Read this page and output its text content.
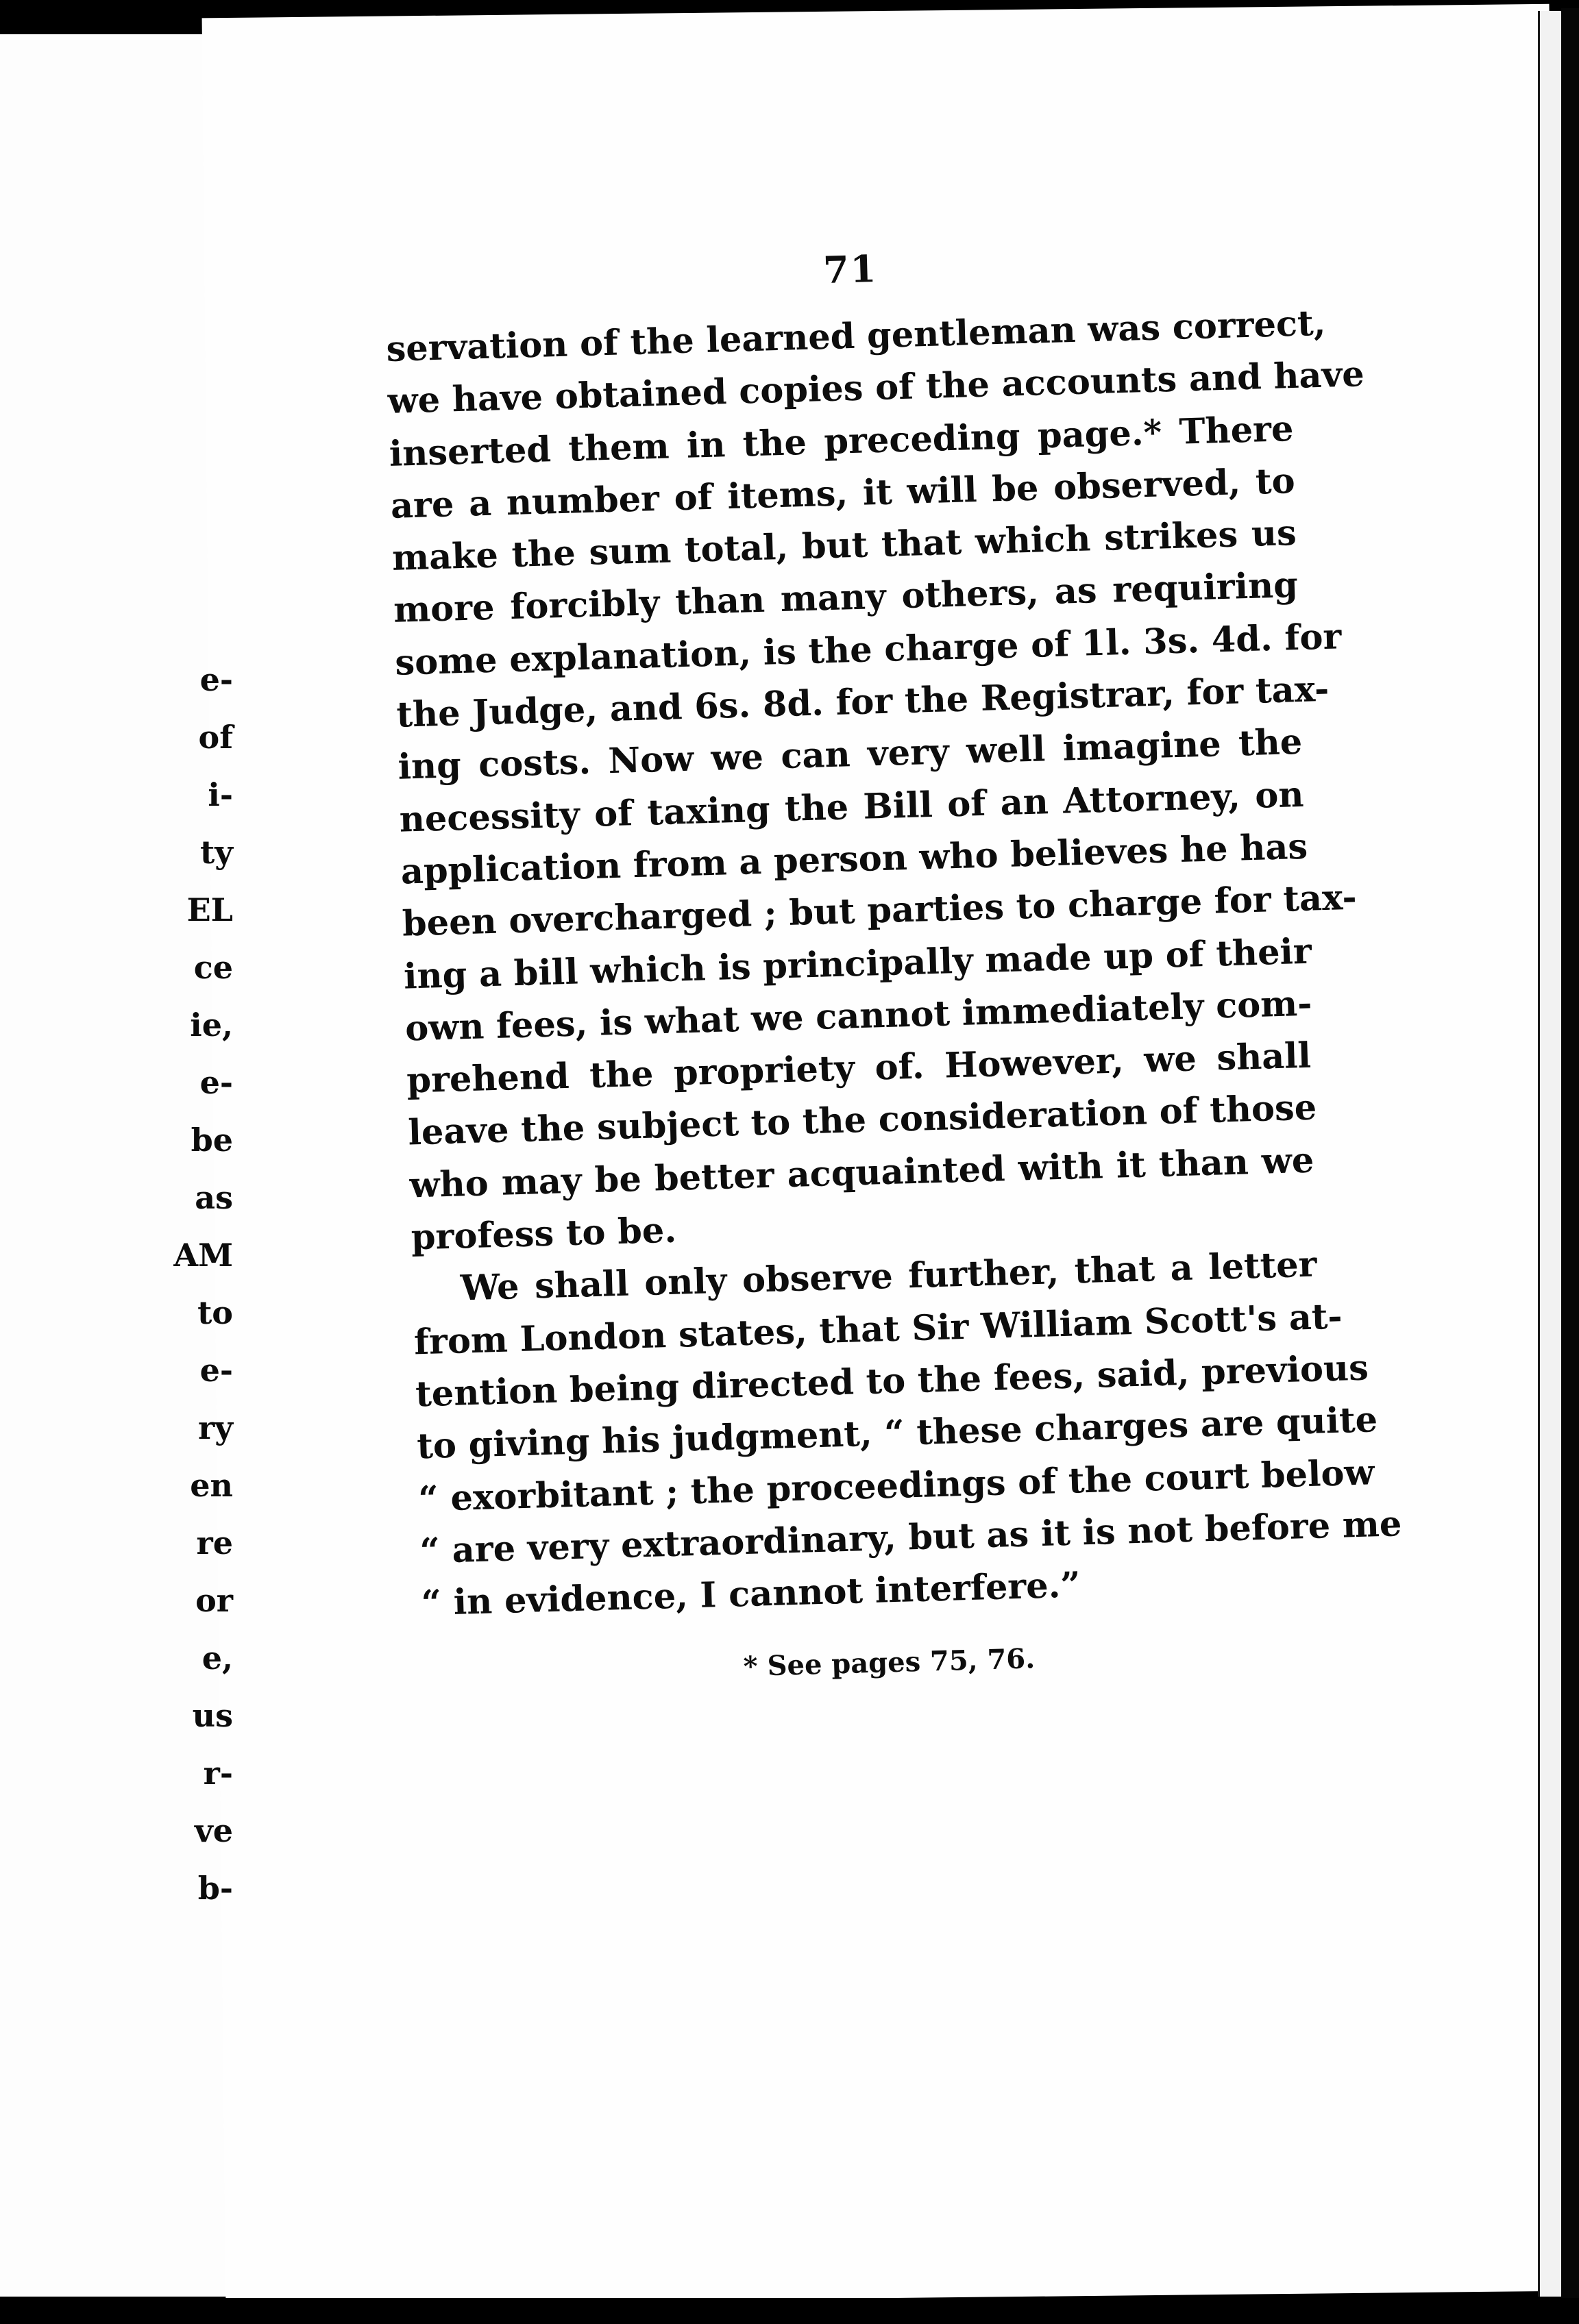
e-
of
i-
ty
EL
ce
ie,
e-
be
as
AM
to
e-
ry
en
re
or
e,
us
r-
ve
b-
71
servation of the learned gentleman was correct,
we have obtained copies of the accounts and have
inserted them in the preceding page.* There
are a number of items, it will be observed, to
make the sum total, but that which strikes us
more forcibly than many others, as requiring
some explanation, is the charge of 1l. 3s. 4d. for
the Judge, and 6s. 8d. for the Registrar, for tax-
ing costs. Now we can very well imagine the
necessity of taxing the Bill of an Attorney, on
application from a person who believes he has
been overcharged ; but parties to charge for tax-
ing a bill which is principally made up of their
own fees, is what we cannot immediately com-
prehend the propriety of. However, we shall
leave the subject to the consideration of those
who may be better acquainted with it than we
profess to be.
We shall only observe further, that a letter
from London states, that Sir William Scott's at-
tention being directed to the fees, said, previous
to giving his judgment, “ these charges are quite
“ exorbitant ; the proceedings of the court below
“ are very extraordinary, but as it is not before me
“ in evidence, I cannot interfere.”
* See pages 75, 76.
